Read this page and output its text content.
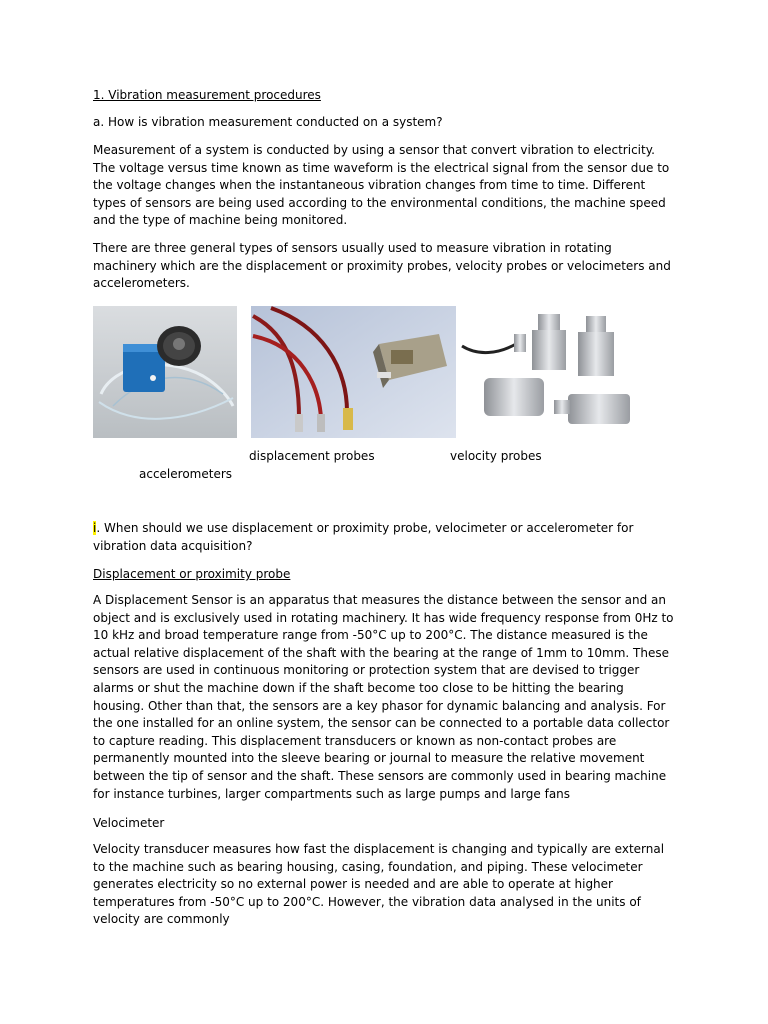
1. Vibration measurement procedures

a. How is vibration measurement conducted on a system?

Measurement of a system is conducted by using a sensor that convert vibration to electricity. The voltage versus time known as time waveform is the electrical signal from the sensor due to the voltage changes when the instantaneous vibration changes from time to time. Different types of sensors are being used according to the environmental conditions, the machine speed and the type of machine being monitored.

There are three general types of sensors usually used to measure vibration in rotating machinery which are the displacement or proximity probes, velocity probes or velocimeters and accelerometers.

displacement probes	velocity probes
accelerometers

i. When should we use displacement or proximity probe, velocimeter or accelerometer for vibration data acquisition?

Displacement or proximity probe

A Displacement Sensor is an apparatus that measures the distance between the sensor and an object and is exclusively used in rotating machinery. It has wide frequency response from 0Hz to 10 kHz and broad temperature range from -50°C up to 200°C. The distance measured is the actual relative displacement of the shaft with the bearing at the range of 1mm to 10mm. These sensors are used in continuous monitoring or protection system that are devised to trigger alarms or shut the machine down if the shaft become too close to be hitting the bearing housing. Other than that, the sensors are a key phasor for dynamic balancing and analysis. For the one installed for an online system, the sensor can be connected to a portable data collector to capture reading. This displacement transducers or known as non-contact probes are permanently mounted into the sleeve bearing or journal to measure the relative movement between the tip of sensor and the shaft. These sensors are commonly used in bearing machine for instance turbines, larger compartments such as large pumps and large fans

Velocimeter

Velocity transducer measures how fast the displacement is changing and typically are external to the machine such as bearing housing, casing, foundation, and piping. These velocimeter generates electricity so no external power is needed and are able to operate at higher temperatures from -50°C up to 200°C. However, the vibration data analysed in the units of velocity are commonly
